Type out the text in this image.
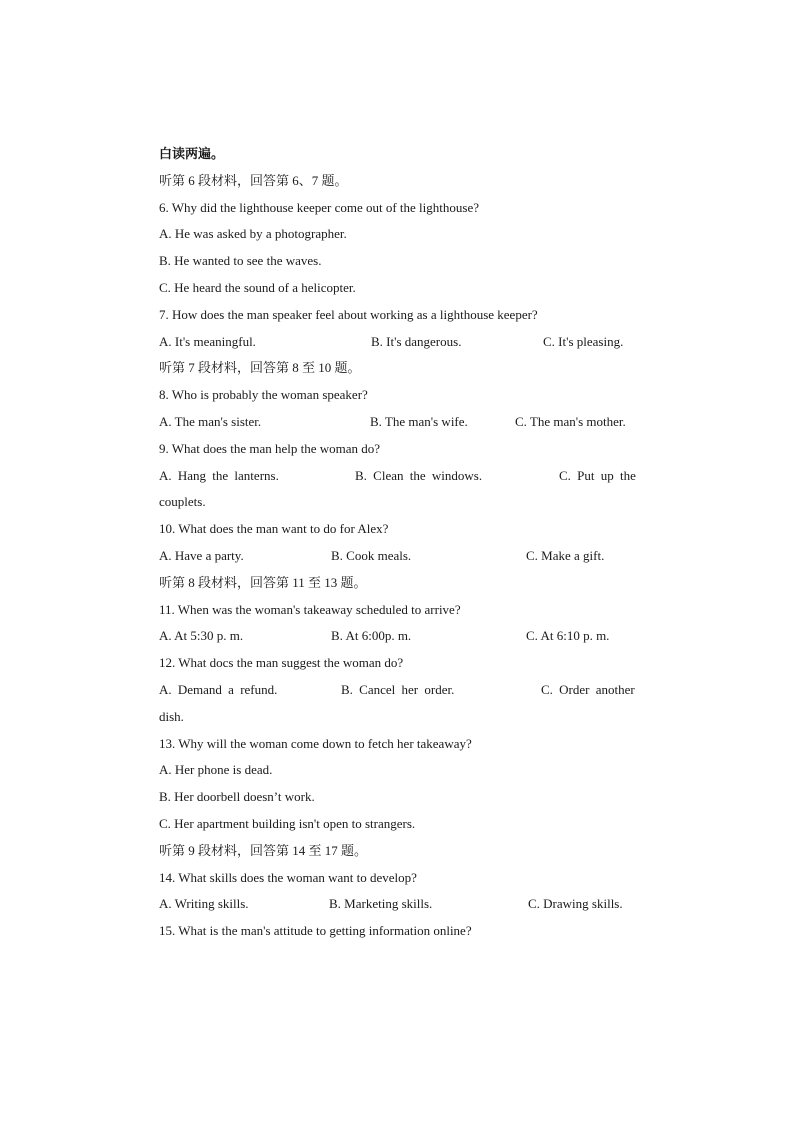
白读两遍。
听第 6 段材料，回答第 6、7 题。
6. Why did the lighthouse keeper come out of the lighthouse?
A. He was asked by a photographer.
B. He wanted to see the waves.
C. He heard the sound of a helicopter.
7. How does the man speaker feel about working as a lighthouse keeper?
A. It's meaningful.	B. It's dangerous.	C. It's pleasing.
听第 7 段材料，回答第 8 至 10 题。
8. Who is probably the woman speaker?
A. The man's sister.	B. The man's wife.	C. The man's mother.
9. What does the man help the woman do?
A. Hang the lanterns.	B. Clean the windows.	C. Put up the
couplets.
10. What does the man want to do for Alex?
A. Have a party.	B. Cook meals.	C. Make a gift.
听第 8 段材料，回答第 11 至 13 题。
11. When was the woman's takeaway scheduled to arrive?
A. At 5:30 p. m.	B. At 6:00p. m.	C. At 6:10 p. m.
12. What docs the man suggest the woman do?
A. Demand a refund.	B. Cancel her order.	C. Order another
dish.
13. Why will the woman come down to fetch her takeaway?
A. Her phone is dead.
B. Her doorbell doesn’t work.
C. Her apartment building isn't open to strangers.
听第 9 段材料，回答第 14 至 17 题。
14. What skills does the woman want to develop?
A. Writing skills.	B. Marketing skills.	C. Drawing skills.
15. What is the man's attitude to getting information online?
